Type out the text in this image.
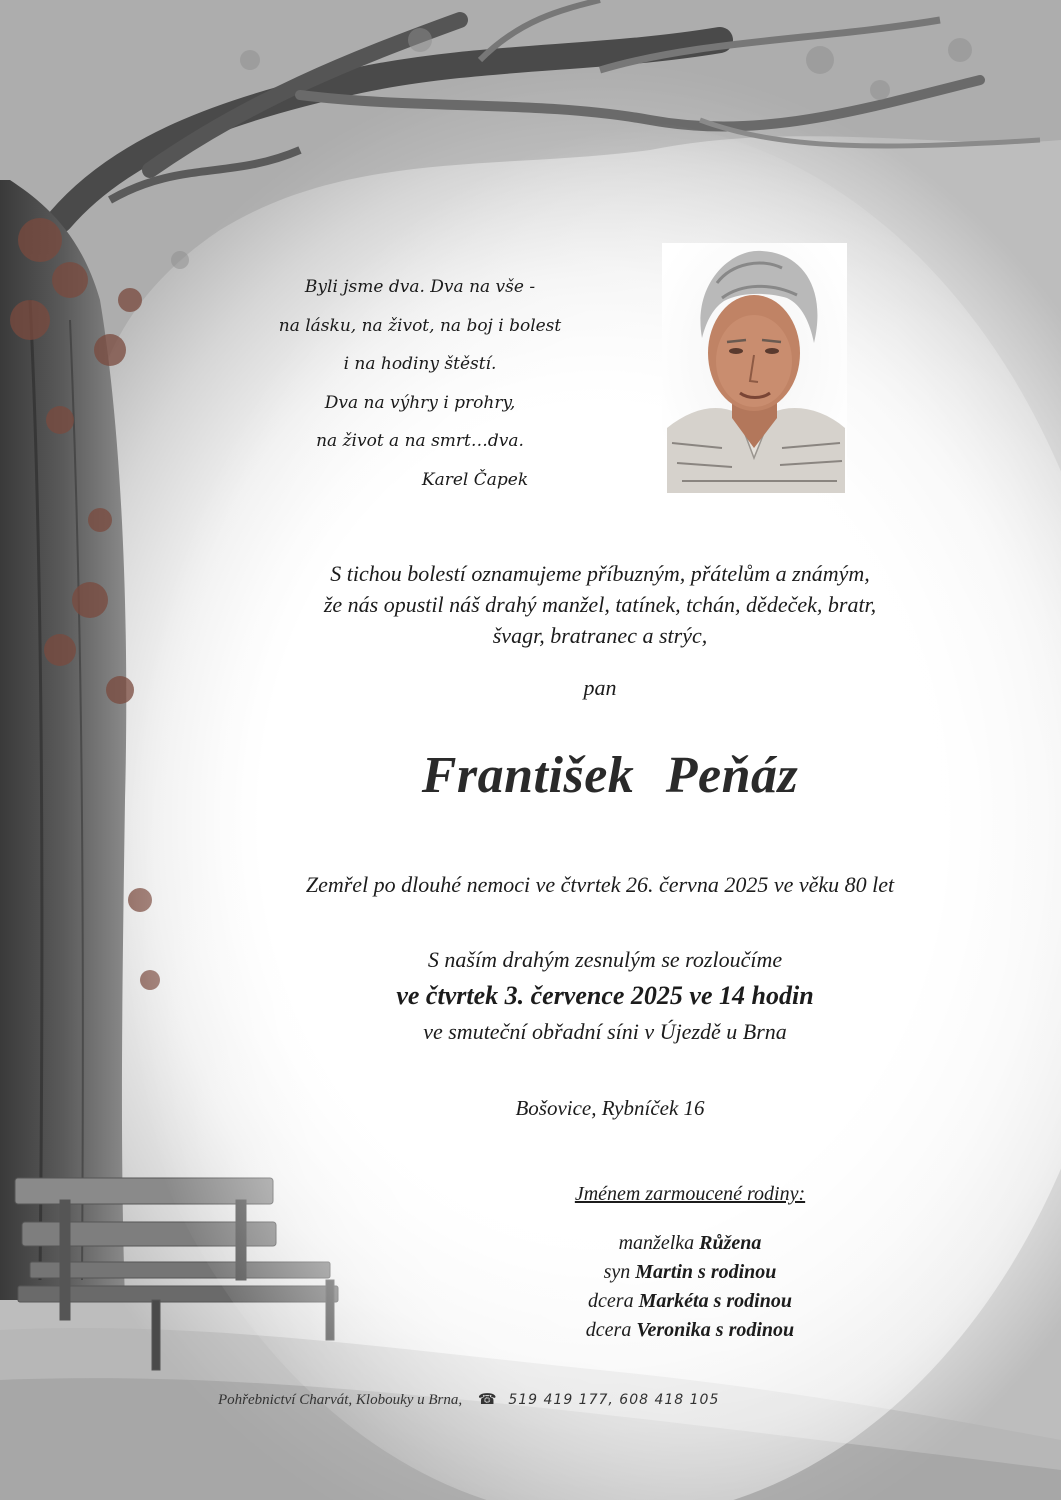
Byli jsme dva. Dva na vše -
na lásku, na život, na boj i bolest
i na hodiny štěstí.
Dva na výhry i prohry,
na život a na smrt…dva.
Karel Čapek
S tichou bolestí oznamujeme příbuzným, přátelům a známým,
že nás opustil náš drahý manžel, tatínek, tchán, dědeček, bratr,
švagr, bratranec a strýc,
pan
František Peňáz
Zemřel po dlouhé nemoci ve čtvrtek 26. června 2025 ve věku 80 let
S naším drahým zesnulým se rozloučíme
ve čtvrtek 3. července 2025 ve 14 hodin
ve smuteční obřadní síni v Újezdě u Brna
Bošovice, Rybníček 16
Jménem zarmoucené rodiny:
manželka Růžena
syn Martin s rodinou
dcera Markéta s rodinou
dcera Veronika s rodinou
Pohřebnictví Charvát, Klobouky u Brna, ☎ 519 419 177, 608 418 105
